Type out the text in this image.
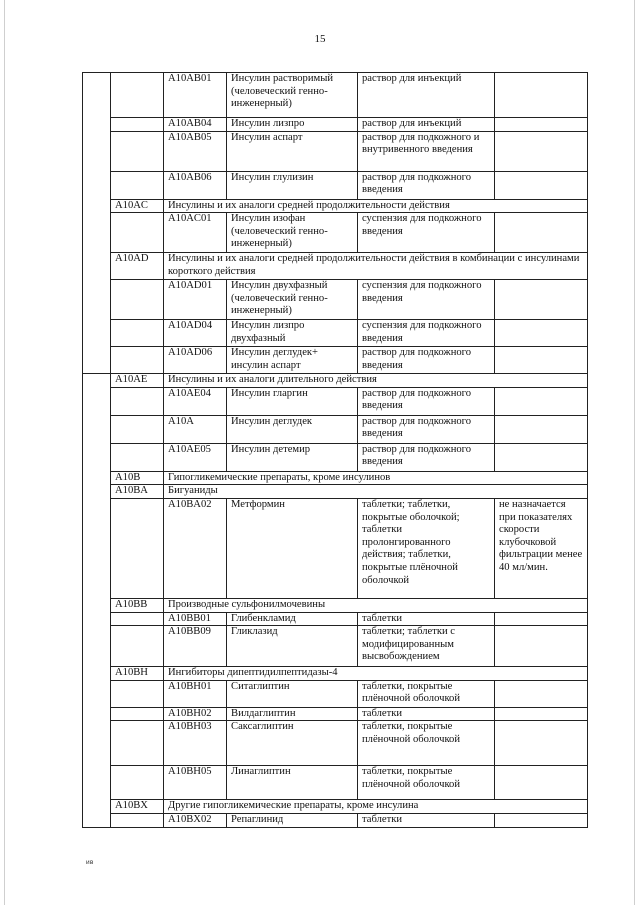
15
		A10AB01	Инсулин растворимый (человеческий генно-инженерный)	раствор для инъекций	
		A10AB04	Инсулин лизпро	раствор для инъекций	
		A10AB05	Инсулин аспарт	раствор для подкожного и внутривенного введения	
		A10AB06	Инсулин глулизин	раствор для подкожного введения	
	A10AC	Инсулины и их аналоги средней продолжительности действия			
		A10AC01	Инсулин изофан (человеческий генно-инженерный)	суспензия для подкожного введения	
	A10AD	Инсулины и их аналоги средней продолжительности действия в комбинации с инсулинами короткого действия			
		A10AD01	Инсулин двухфазный (человеческий генно-инженерный)	суспензия для подкожного введения	
		A10AD04	Инсулин лизпро двухфазный	суспензия для подкожного введения	
		A10AD06	Инсулин деглудек+ инсулин аспарт	раствор для подкожного введения	
	A10AE	Инсулины и их аналоги длительного действия			
		A10AE04	Инсулин гларгин	раствор для подкожного введения	
		A10A	Инсулин деглудек	раствор для подкожного введения	
		A10AE05	Инсулин детемир	раствор для подкожного введения	
	A10B	Гипогликемические препараты, кроме инсулинов			
	A10BA	Бигуаниды			
		A10BA02	Метформин	таблетки; таблетки, покрытые оболочкой; таблетки пролонгированного действия; таблетки, покрытые плёночной оболочкой	не назначается при показателях скорости клубочковой фильтрации менее 40 мл/мин.
	A10BB	Производные сульфонилмочевины			
		A10BB01	Глибенкламид	таблетки	
		A10BB09	Гликлазид	таблетки; таблетки с модифицированным высвобождением	
	A10BH	Ингибиторы дипептидилпептидазы-4			
		A10BH01	Ситаглиптин	таблетки, покрытые плёночной оболочкой	
		A10BH02	Вилдаглиптин	таблетки	
		A10BH03	Саксаглиптин	таблетки, покрытые плёночной оболочкой	
		A10BH05	Линаглиптин	таблетки, покрытые плёночной оболочкой	
	A10BX	Другие гипогликемические препараты, кроме инсулина			
		A10BX02	Репаглинид	таблетки	
ив
